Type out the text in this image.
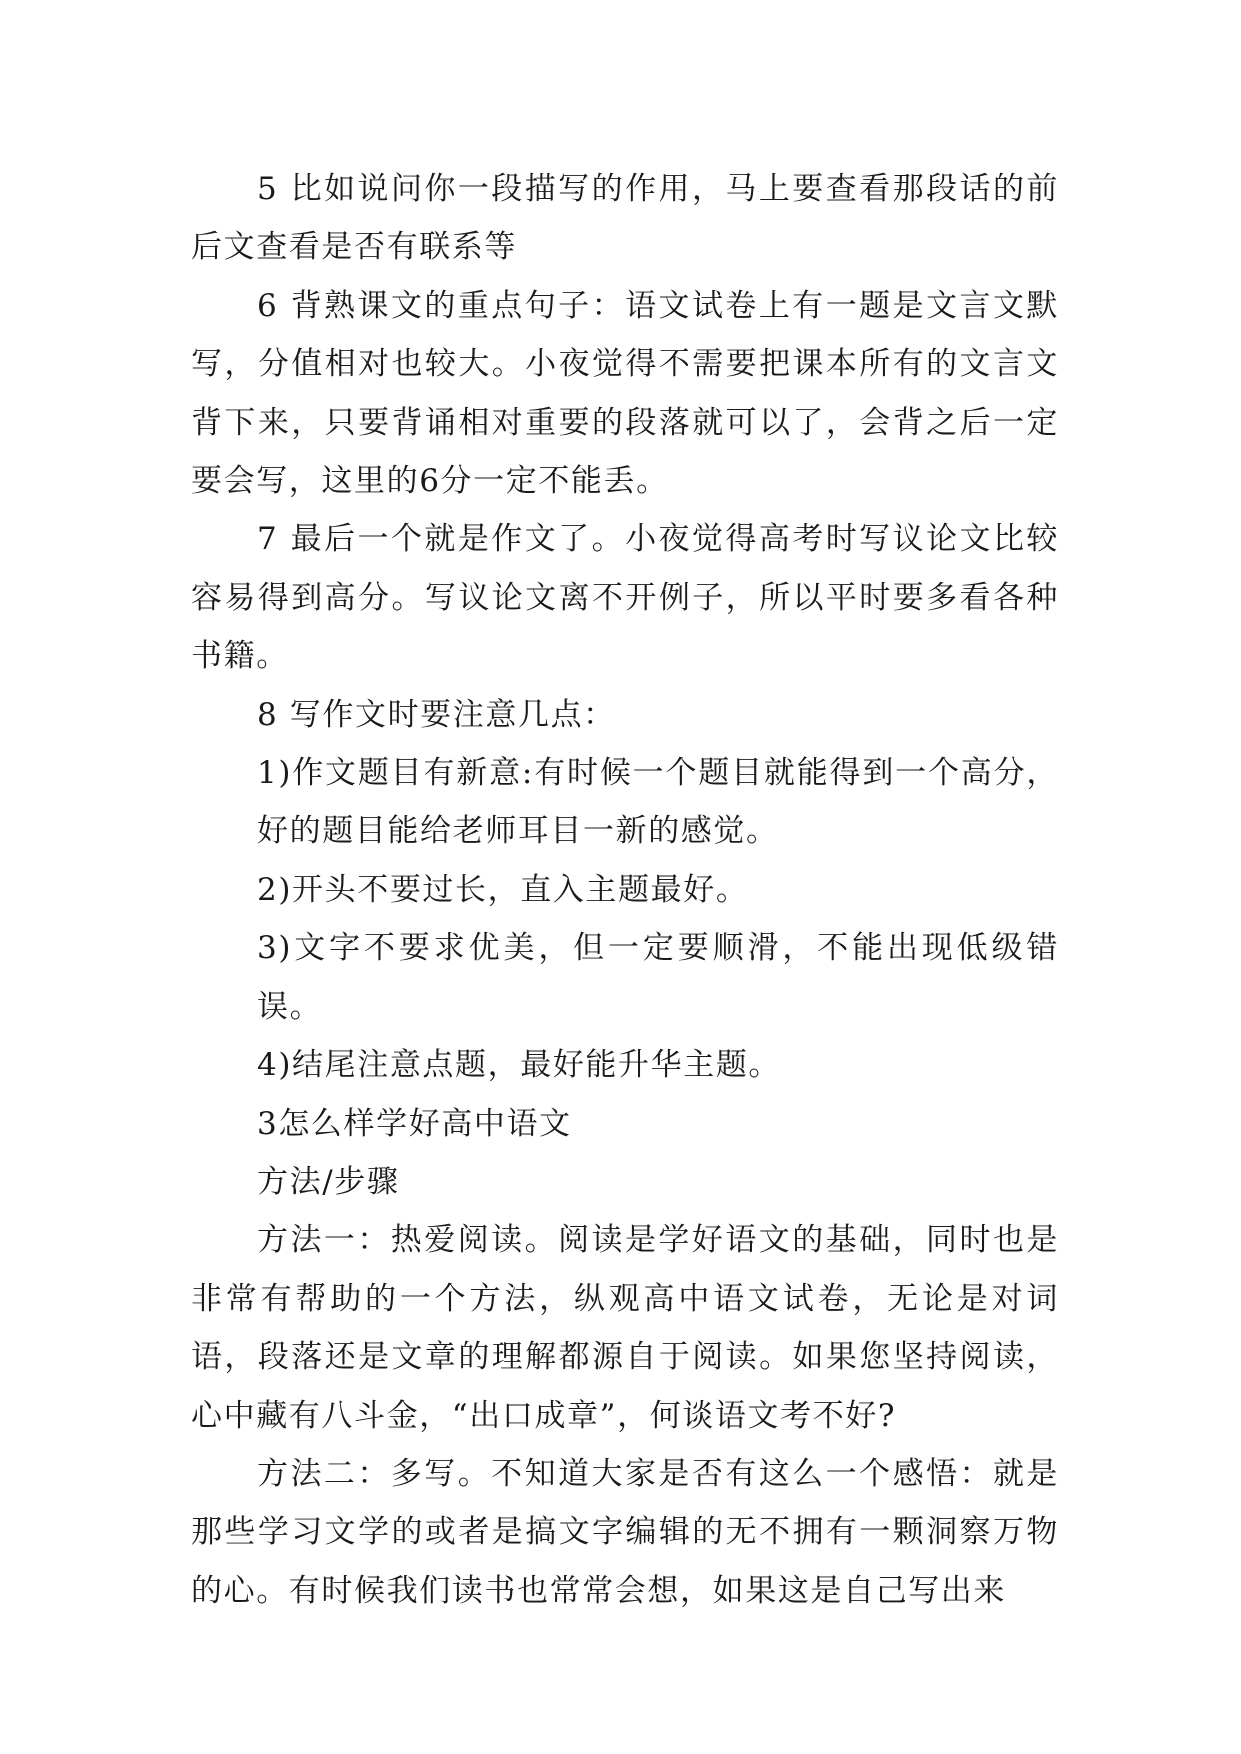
5 比如说问你一段描写的作用，马上要查看那段话的前后文查看是否有联系等

6 背熟课文的重点句子：语文试卷上有一题是文言文默写，分值相对也较大。小夜觉得不需要把课本所有的文言文背下来，只要背诵相对重要的段落就可以了，会背之后一定要会写，这里的6分一定不能丢。

7 最后一个就是作文了。小夜觉得高考时写议论文比较容易得到高分。写议论文离不开例子，所以平时要多看各种书籍。

8 写作文时要注意几点：

1)作文题目有新意:有时候一个题目就能得到一个高分，好的题目能给老师耳目一新的感觉。

2)开头不要过长，直入主题最好。

3)文字不要求优美，但一定要顺滑，不能出现低级错误。

4)结尾注意点题，最好能升华主题。

3怎么样学好高中语文

方法/步骤

方法一：热爱阅读。阅读是学好语文的基础，同时也是非常有帮助的一个方法，纵观高中语文试卷，无论是对词语，段落还是文章的理解都源自于阅读。如果您坚持阅读，心中藏有八斗金，“出口成章”，何谈语文考不好?

方法二：多写。不知道大家是否有这么一个感悟：就是那些学习文学的或者是搞文字编辑的无不拥有一颗洞察万物的心。有时候我们读书也常常会想，如果这是自己写出来
